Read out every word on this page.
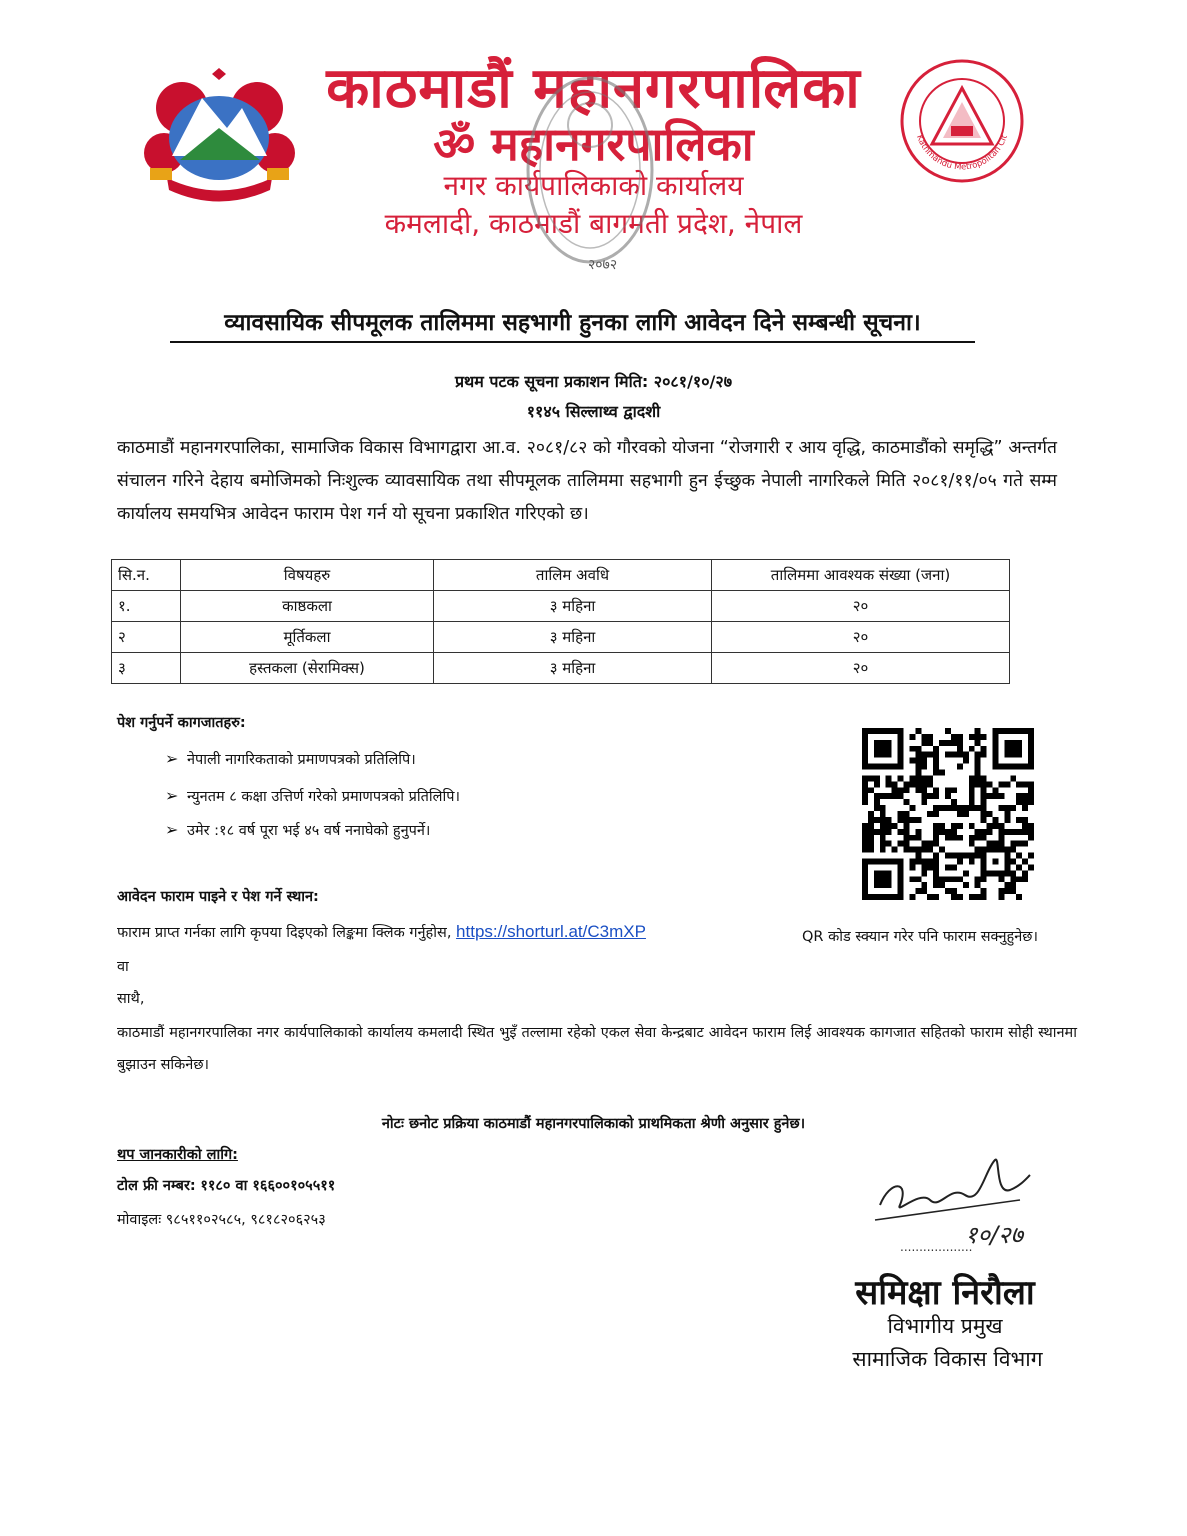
काठमाडौं महानगरपालिका
ॐ महानगरपालिका
नगर कार्यपालिकाको कार्यालय
कमलादी, काठमाडौं बागमती प्रदेश, नेपाल
२०७२
Kathmandu Metropolitan Cit
व्यावसायिक सीपमूलक तालिममा सहभागी हुनका लागि आवेदन दिने सम्बन्धी सूचना।
प्रथम पटक सूचना प्रकाशन मिति: २०८१/१०/२७
११४५ सिल्लाथ्व द्वादशी
काठमाडौं महानगरपालिका, सामाजिक विकास विभागद्वारा आ.व. २०८१/८२ को गौरवको योजना “रोजगारी र आय वृद्धि, काठमाडौंको समृद्धि” अन्तर्गत संचालन गरिने देहाय बमोजिमको निःशुल्क व्यावसायिक तथा सीपमूलक तालिममा सहभागी हुन ईच्छुक नेपाली नागरिकले मिति २०८१/११/०५ गते सम्म कार्यालय समयभित्र आवेदन फाराम पेश गर्न यो सूचना प्रकाशित गरिएको छ।
सि.न.	विषयहरु	तालिम अवधि	तालिममा आवश्यक संख्या (जना)
१.	काष्ठकला	३ महिना	२०
२	मूर्तिकला	३ महिना	२०
३	हस्तकला (सेरामिक्स)	३ महिना	२०
पेश गर्नुपर्ने कागजातहरु:
➢ नेपाली नागरिकताको प्रमाणपत्रको प्रतिलिपि।
➢ न्युनतम ८ कक्षा उत्तिर्ण गरेको प्रमाणपत्रको प्रतिलिपि।
➢ उमेर :१८ वर्ष पूरा भई ४५ वर्ष ननाघेको हुनुपर्ने।
आवेदन फाराम पाइने र पेश गर्ने स्थान:
फाराम प्राप्त गर्नका लागि कृपया दिइएको लिङ्कमा क्लिक गर्नुहोस, https://shorturl.at/C3mXP	QR कोड स्क्यान गरेर पनि फाराम सक्नुहुनेछ।
वा
साथै,
काठमाडौं महानगरपालिका नगर कार्यपालिकाको कार्यालय कमलादी स्थित भुइँ तल्लामा रहेको एकल सेवा केन्द्रबाट आवेदन फाराम लिई आवश्यक कागजात सहितको फाराम सोही स्थानमा बुझाउन सकिनेछ।
नोटः छनोट प्रक्रिया काठमाडौं महानगरपालिकाको प्राथमिकता श्रेणी अनुसार हुनेछ।
थप जानकारीको लागि:
टोल फ्री नम्बर: ११८० वा १६६००१०५५११
मोवाइलः ९८५११०२५८५, ९८१८२०६२५३
१०/२७
...................
समिक्षा निरौला
विभागीय प्रमुख
सामाजिक विकास विभाग
